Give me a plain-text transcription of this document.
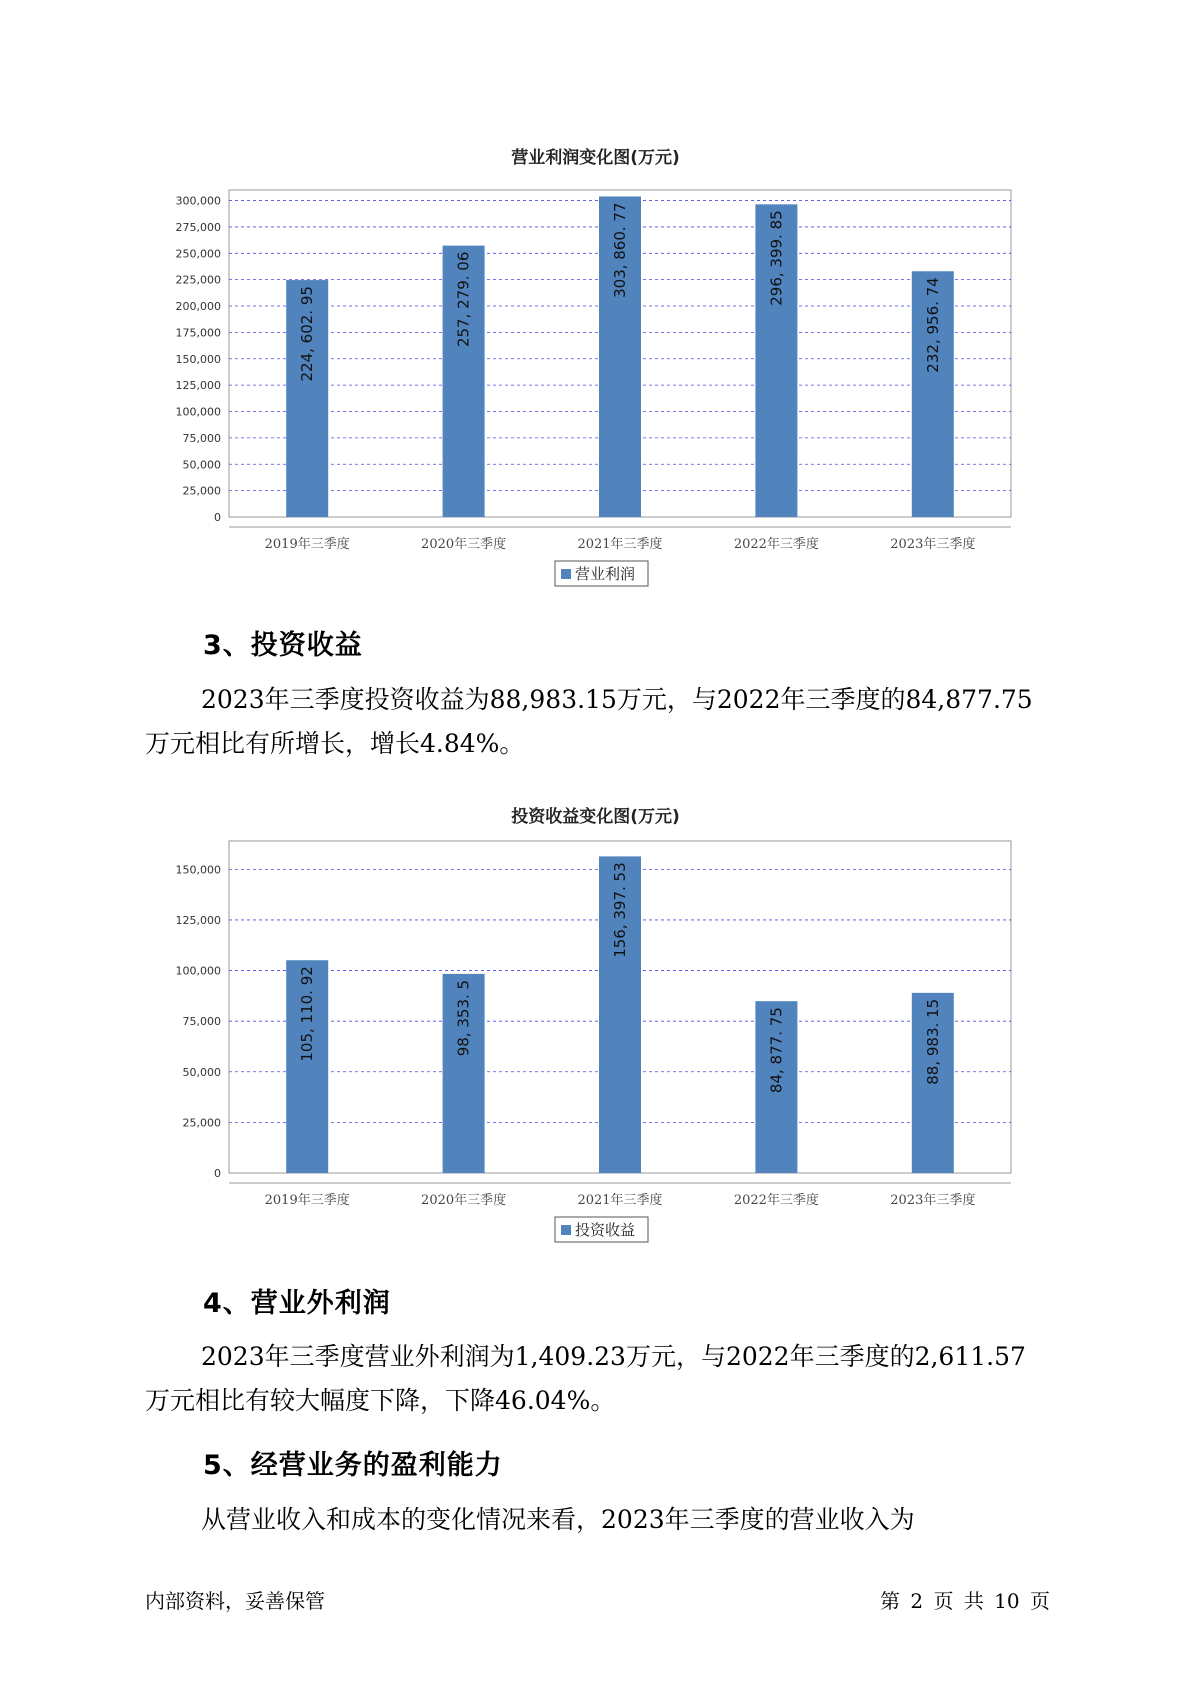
营业利润变化图(万元)
0
25,000
50,000
75,000
100,000
125,000
150,000
175,000
200,000
225,000
250,000
275,000
300,000
224, 602. 95
2019年三季度
257, 279. 06
2020年三季度
303, 860. 77
2021年三季度
296, 399. 85
2022年三季度
232, 956. 74
2023年三季度
营业利润
3、投资收益
2023年三季度投资收益为88,983.15万元，与2022年三季度的84,877.75
万元相比有所增长，增长4.84%。
投资收益变化图(万元)
0
25,000
50,000
75,000
100,000
125,000
150,000
105, 110. 92
2019年三季度
98, 353. 5
2020年三季度
156, 397. 53
2021年三季度
84, 877. 75
2022年三季度
88, 983. 15
2023年三季度
投资收益
4、营业外利润
2023年三季度营业外利润为1,409.23万元，与2022年三季度的2,611.57
万元相比有较大幅度下降，下降46.04%。
5、经营业务的盈利能力
从营业收入和成本的变化情况来看，2023年三季度的营业收入为
内部资料，妥善保管	第 2 页 共 10 页
